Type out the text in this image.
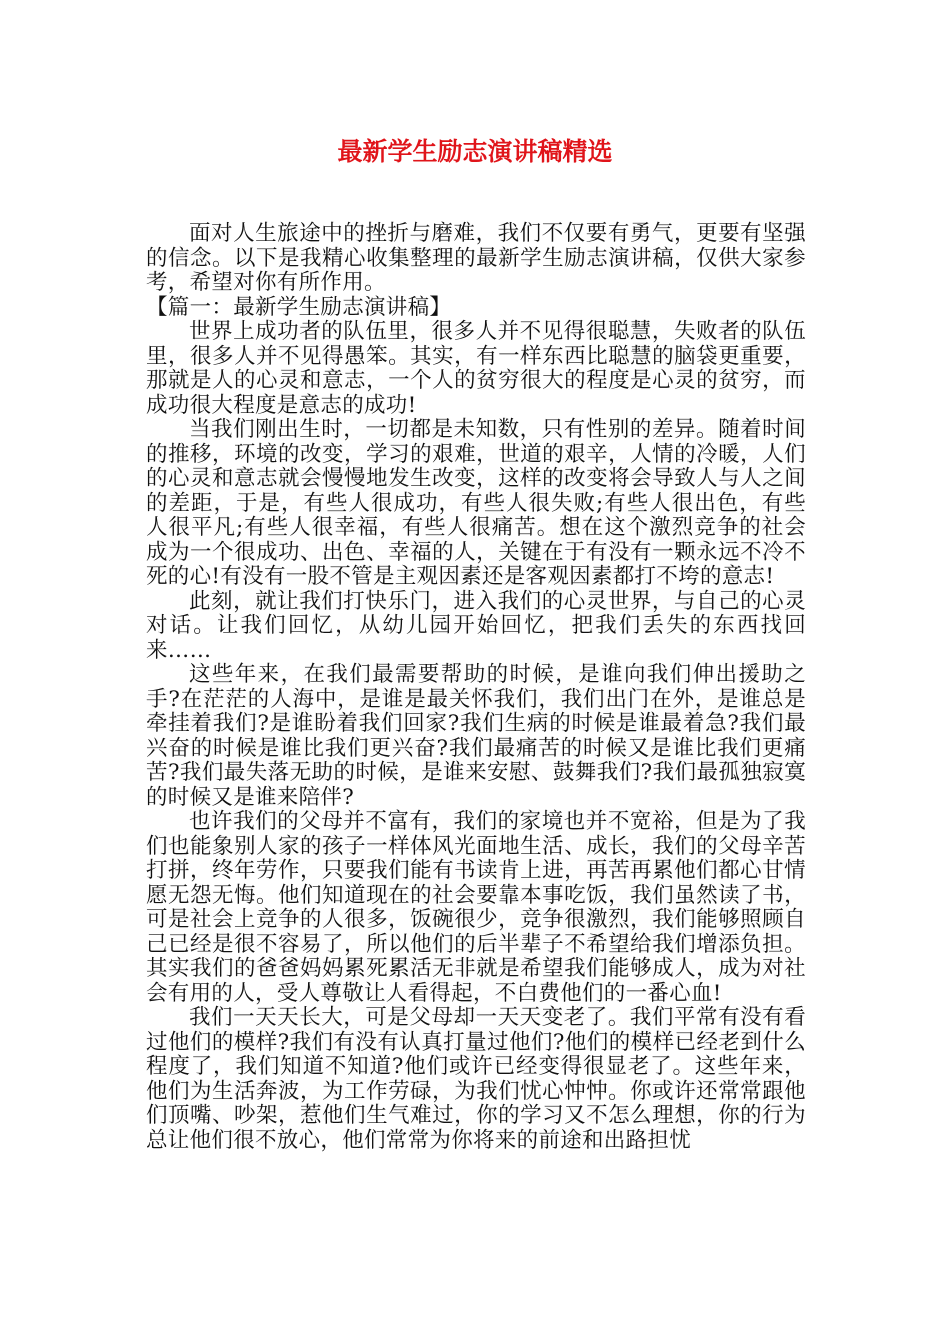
最新学生励志演讲稿精选

面对人生旅途中的挫折与磨难，我们不仅要有勇气，更要有坚强的信念。以下是我精心收集整理的最新学生励志演讲稿，仅供大家参考，希望对你有所作用。

【篇一：最新学生励志演讲稿】

世界上成功者的队伍里，很多人并不见得很聪慧，失败者的队伍里，很多人并不见得愚笨。其实，有一样东西比聪慧的脑袋更重要，那就是人的心灵和意志，一个人的贫穷很大的程度是心灵的贫穷，而成功很大程度是意志的成功!

当我们刚出生时，一切都是未知数，只有性别的差异。随着时间的推移，环境的改变，学习的艰难，世道的艰辛，人情的冷暖，人们的心灵和意志就会慢慢地发生改变，这样的改变将会导致人与人之间的差距，于是，有些人很成功，有些人很失败;有些人很出色，有些人很平凡;有些人很幸福，有些人很痛苦。想在这个激烈竞争的社会成为一个很成功、出色、幸福的人，关键在于有没有一颗永远不冷不死的心!有没有一股不管是主观因素还是客观因素都打不垮的意志!

此刻，就让我们打快乐门，进入我们的心灵世界，与自己的心灵对话。让我们回忆，从幼儿园开始回忆，把我们丢失的东西找回来……

这些年来，在我们最需要帮助的时候，是谁向我们伸出援助之手?在茫茫的人海中，是谁是最关怀我们，我们出门在外，是谁总是牵挂着我们?是谁盼着我们回家?我们生病的时候是谁最着急?我们最兴奋的时候是谁比我们更兴奋?我们最痛苦的时候又是谁比我们更痛苦?我们最失落无助的时候，是谁来安慰、鼓舞我们?我们最孤独寂寞的时候又是谁来陪伴?

也许我们的父母并不富有，我们的家境也并不宽裕，但是为了我们也能象别人家的孩子一样体风光面地生活、成长，我们的父母辛苦打拼，终年劳作，只要我们能有书读肯上进，再苦再累他们都心甘情愿无怨无悔。他们知道现在的社会要靠本事吃饭，我们虽然读了书，可是社会上竞争的人很多，饭碗很少，竞争很激烈，我们能够照顾自己已经是很不容易了，所以他们的后半辈子不希望给我们增添负担。其实我们的爸爸妈妈累死累活无非就是希望我们能够成人，成为对社会有用的人，受人尊敬让人看得起，不白费他们的一番心血!

我们一天天长大，可是父母却一天天变老了。我们平常有没有看过他们的模样?我们有没有认真打量过他们?他们的模样已经老到什么程度了，我们知道不知道?他们或许已经变得很显老了。这些年来，他们为生活奔波，为工作劳碌，为我们忧心忡忡。你或许还常常跟他们顶嘴、吵架，惹他们生气难过，你的学习又不怎么理想，你的行为总让他们很不放心，他们常常为你将来的前途和出路担忧
